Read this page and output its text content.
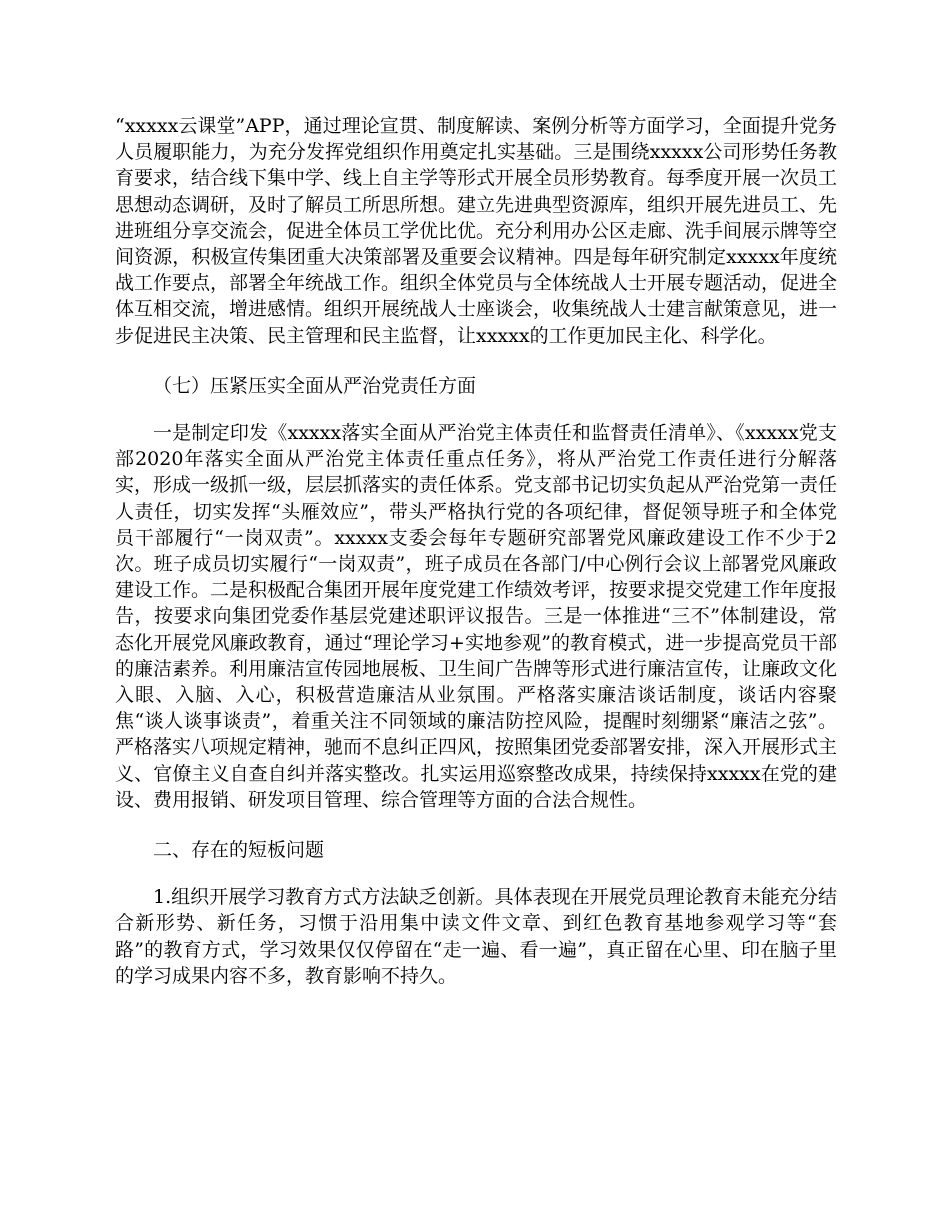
“xxxxx云课堂”APP，通过理论宣贯、制度解读、案例分析等方面学习，全面提升党务人员履职能力，为充分发挥党组织作用奠定扎实基础。三是围绕xxxxx公司形势任务教育要求，结合线下集中学、线上自主学等形式开展全员形势教育。每季度开展一次员工思想动态调研，及时了解员工所思所想。建立先进典型资源库，组织开展先进员工、先进班组分享交流会，促进全体员工学优比优。充分利用办公区走廊、洗手间展示牌等空间资源，积极宣传集团重大决策部署及重要会议精神。四是每年研究制定xxxxx年度统战工作要点，部署全年统战工作。组织全体党员与全体统战人士开展专题活动，促进全体互相交流，增进感情。组织开展统战人士座谈会，收集统战人士建言献策意见，进一步促进民主决策、民主管理和民主监督，让xxxxx的工作更加民主化、科学化。

（七）压紧压实全面从严治党责任方面

一是制定印发《xxxxx落实全面从严治党主体责任和监督责任清单》、《xxxxx党支部2020年落实全面从严治党主体责任重点任务》，将从严治党工作责任进行分解落实，形成一级抓一级，层层抓落实的责任体系。党支部书记切实负起从严治党第一责任人责任，切实发挥“头雁效应”，带头严格执行党的各项纪律，督促领导班子和全体党员干部履行“一岗双责”。xxxxx支委会每年专题研究部署党风廉政建设工作不少于2次。班子成员切实履行“一岗双责”，班子成员在各部门/中心例行会议上部署党风廉政建设工作。二是积极配合集团开展年度党建工作绩效考评，按要求提交党建工作年度报告，按要求向集团党委作基层党建述职评议报告。三是一体推进“三不”体制建设，常态化开展党风廉政教育，通过“理论学习+实地参观”的教育模式，进一步提高党员干部的廉洁素养。利用廉洁宣传园地展板、卫生间广告牌等形式进行廉洁宣传，让廉政文化入眼、入脑、入心，积极营造廉洁从业氛围。严格落实廉洁谈话制度，谈话内容聚焦“谈人谈事谈责”，着重关注不同领域的廉洁防控风险，提醒时刻绷紧“廉洁之弦”。严格落实八项规定精神，驰而不息纠正四风，按照集团党委部署安排，深入开展形式主义、官僚主义自查自纠并落实整改。扎实运用巡察整改成果，持续保持xxxxx在党的建设、费用报销、研发项目管理、综合管理等方面的合法合规性。

二、存在的短板问题

1.组织开展学习教育方式方法缺乏创新。具体表现在开展党员理论教育未能充分结合新形势、新任务，习惯于沿用集中读文件文章、到红色教育基地参观学习等“套路”的教育方式，学习效果仅仅停留在“走一遍、看一遍”，真正留在心里、印在脑子里的学习成果内容不多，教育影响不持久。
